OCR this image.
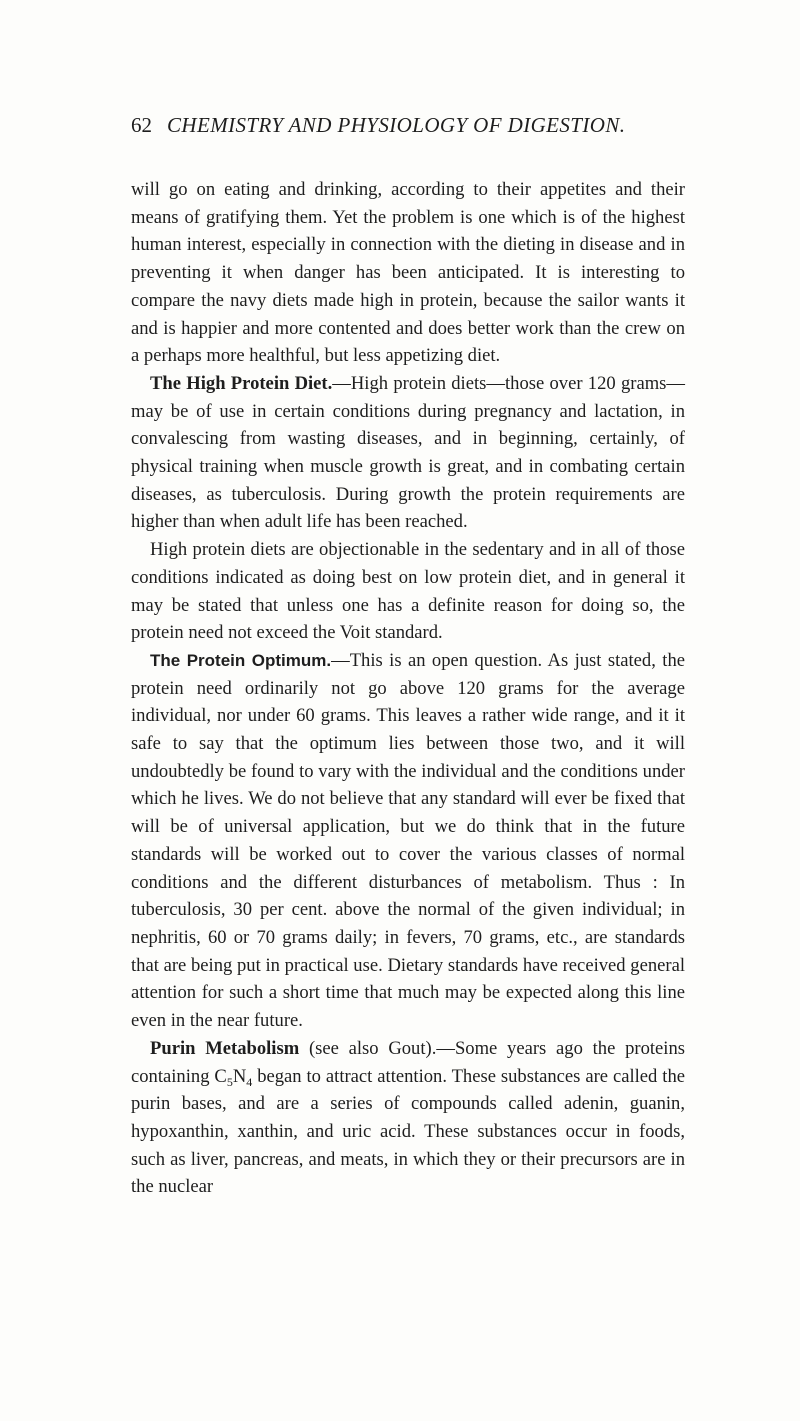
62 CHEMISTRY AND PHYSIOLOGY OF DIGESTION.

will go on eating and drinking, according to their appetites and their means of gratifying them. Yet the problem is one which is of the highest human interest, especially in connection with the dieting in disease and in preventing it when danger has been anticipated. It is interesting to compare the navy diets made high in protein, because the sailor wants it and is happier and more contented and does better work than the crew on a perhaps more healthful, but less appetizing diet.

The High Protein Diet.—High protein diets—those over 120 grams—may be of use in certain conditions during pregnancy and lactation, in convalescing from wasting diseases, and in beginning, certainly, of physical training when muscle growth is great, and in combating certain diseases, as tuberculosis. During growth the protein requirements are higher than when adult life has been reached.

High protein diets are objectionable in the sedentary and in all of those conditions indicated as doing best on low protein diet, and in general it may be stated that unless one has a definite reason for doing so, the protein need not exceed the Voit standard.

The Protein Optimum.—This is an open question. As just stated, the protein need ordinarily not go above 120 grams for the average individual, nor under 60 grams. This leaves a rather wide range, and it it safe to say that the optimum lies between those two, and it will undoubtedly be found to vary with the individual and the conditions under which he lives. We do not believe that any standard will ever be fixed that will be of universal application, but we do think that in the future standards will be worked out to cover the various classes of normal conditions and the different disturbances of metabolism. Thus : In tuberculosis, 30 per cent. above the normal of the given individual; in nephritis, 60 or 70 grams daily; in fevers, 70 grams, etc., are standards that are being put in practical use. Dietary standards have received general attention for such a short time that much may be expected along this line even in the near future.

Purin Metabolism (see also Gout).—Some years ago the proteins containing $C_5N_4$ began to attract attention. These substances are called the purin bases, and are a series of compounds called adenin, guanin, hypoxanthin, xanthin, and uric acid. These substances occur in foods, such as liver, pancreas, and meats, in which they or their precursors are in the nuclear
